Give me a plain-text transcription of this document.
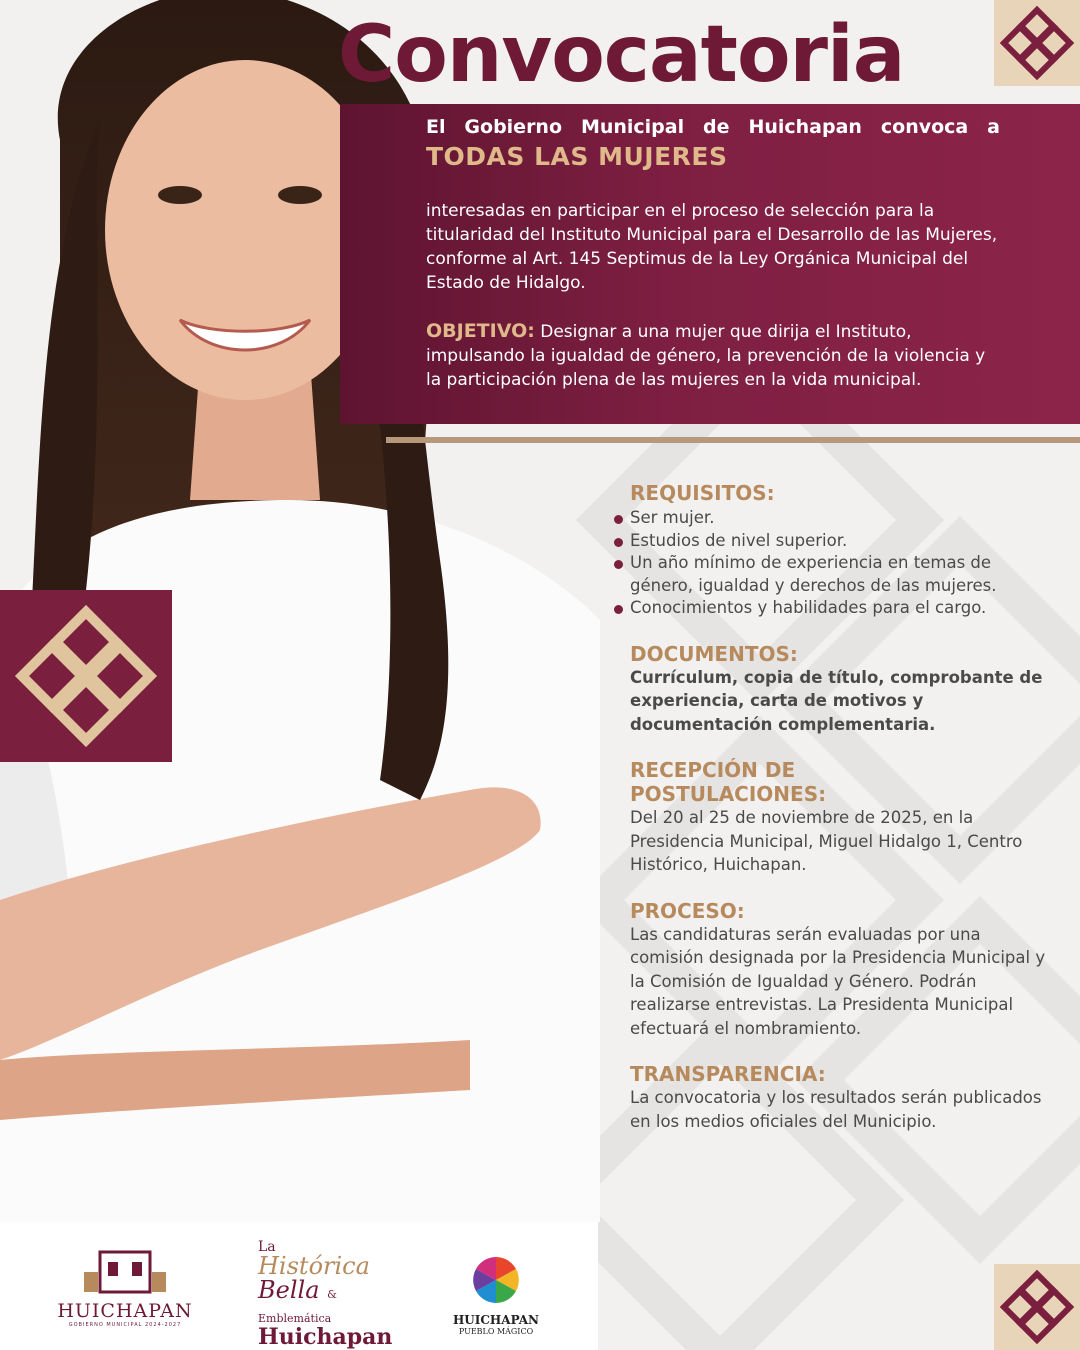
Convocatoria
El Gobierno Municipal de Huichapan convoca a
TODAS LAS MUJERES
interesadas en participar en el proceso de selección para la titularidad del Instituto Municipal para el Desarrollo de las Mujeres, conforme al Art. 145 Septimus de la Ley Orgánica Municipal del Estado de Hidalgo.
OBJETIVO: Designar a una mujer que dirija el Instituto, impulsando la igualdad de género, la prevención de la violencia y la participación plena de las mujeres en la vida municipal.
REQUISITOS:
Ser mujer.
Estudios de nivel superior.
Un año mínimo de experiencia en temas de género, igualdad y derechos de las mujeres.
Conocimientos y habilidades para el cargo.
DOCUMENTOS:
Currículum, copia de título, comprobante de experiencia, carta de motivos y documentación complementaria.
RECEPCIÓN DE POSTULACIONES:
Del 20 al 25 de noviembre de 2025, en la Presidencia Municipal, Miguel Hidalgo 1, Centro Histórico, Huichapan.
PROCESO:
Las candidaturas serán evaluadas por una comisión designada por la Presidencia Municipal y la Comisión de Igualdad y Género. Podrán realizarse entrevistas. La Presidenta Municipal efectuará el nombramiento.
TRANSPARENCIA:
La convocatoria y los resultados serán publicados en los medios oficiales del Municipio.
HUICHAPAN
GOBIERNO MUNICIPAL 2024-2027
La
Histórica
Bella & Emblemática
Huichapan
HUICHAPAN
PUEBLO MÁGICO
